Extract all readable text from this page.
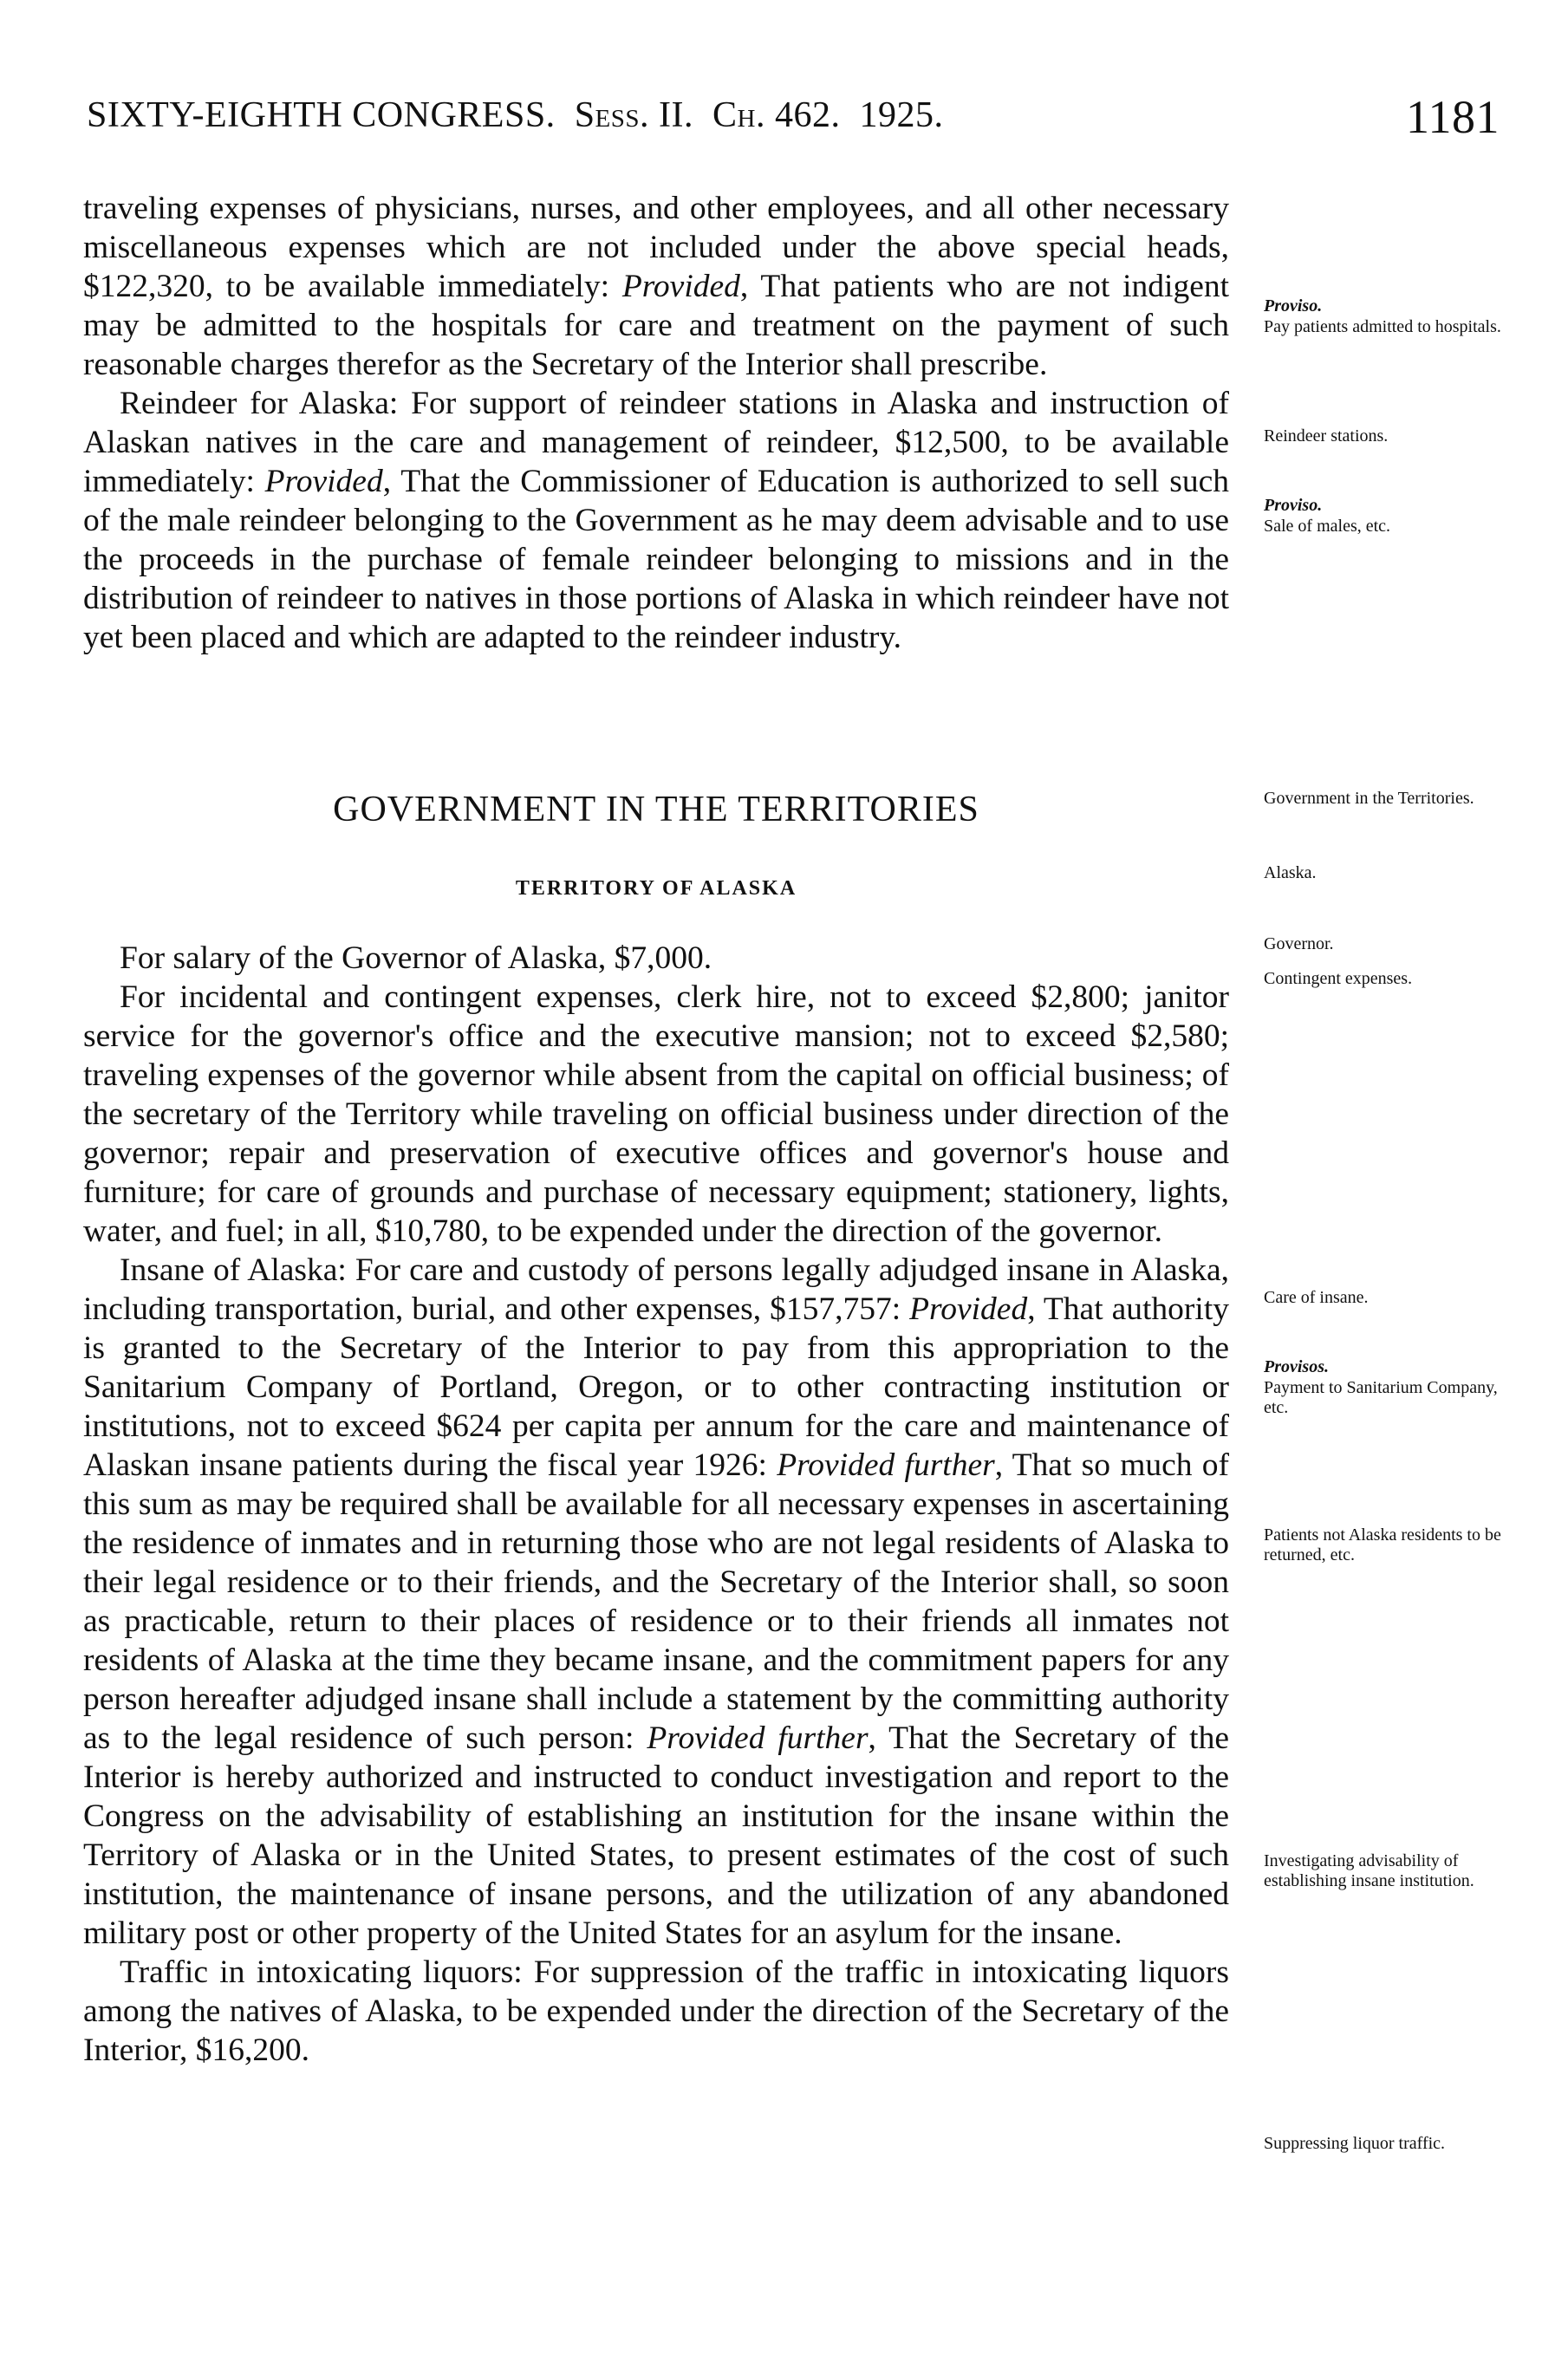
SIXTY-EIGHTH CONGRESS. Sess. II. Ch. 462. 1925.	1181

traveling expenses of physicians, nurses, and other employees, and all other necessary miscellaneous expenses which are not included under the above special heads, $122,320, to be available immediately: Provided, That patients who are not indigent may be admitted to the hospitals for care and treatment on the payment of such reasonable charges therefor as the Secretary of the Interior shall prescribe.

Reindeer for Alaska: For support of reindeer stations in Alaska and instruction of Alaskan natives in the care and management of reindeer, $12,500, to be available immediately: Provided, That the Commissioner of Education is authorized to sell such of the male reindeer belonging to the Government as he may deem advisable and to use the proceeds in the purchase of female reindeer belonging to missions and in the distribution of reindeer to natives in those portions of Alaska in which reindeer have not yet been placed and which are adapted to the reindeer industry.

GOVERNMENT IN THE TERRITORIES
TERRITORY OF ALASKA

For salary of the Governor of Alaska, $7,000.

For incidental and contingent expenses, clerk hire, not to exceed $2,800; janitor service for the governor's office and the executive mansion; not to exceed $2,580; traveling expenses of the governor while absent from the capital on official business; of the secretary of the Territory while traveling on official business under direction of the governor; repair and preservation of executive offices and governor's house and furniture; for care of grounds and purchase of necessary equipment; stationery, lights, water, and fuel; in all, $10,780, to be expended under the direction of the governor.

Insane of Alaska: For care and custody of persons legally adjudged insane in Alaska, including transportation, burial, and other expenses, $157,757: Provided, That authority is granted to the Secretary of the Interior to pay from this appropriation to the Sanitarium Company of Portland, Oregon, or to other contracting institution or institutions, not to exceed $624 per capita per annum for the care and maintenance of Alaskan insane patients during the fiscal year 1926: Provided further, That so much of this sum as may be required shall be available for all necessary expenses in ascertaining the residence of inmates and in returning those who are not legal residents of Alaska to their legal residence or to their friends, and the Secretary of the Interior shall, so soon as practicable, return to their places of residence or to their friends all inmates not residents of Alaska at the time they became insane, and the commitment papers for any person hereafter adjudged insane shall include a statement by the committing authority as to the legal residence of such person: Provided further, That the Secretary of the Interior is hereby authorized and instructed to conduct investigation and report to the Congress on the advisability of establishing an institution for the insane within the Territory of Alaska or in the United States, to present estimates of the cost of such institution, the maintenance of insane persons, and the utilization of any abandoned military post or other property of the United States for an asylum for the insane.

Traffic in intoxicating liquors: For suppression of the traffic in intoxicating liquors among the natives of Alaska, to be expended under the direction of the Secretary of the Interior, $16,200.

Proviso.
Pay patients admitted to hospitals.
Reindeer stations.
Proviso.
Sale of males, etc.
Government in the Territories.
Alaska.
Governor.
Contingent expenses.
Care of insane.
Provisos.
Payment to Sanitarium Company, etc.
Patients not Alaska residents to be returned, etc.
Investigating advisability of establishing insane institution.
Suppressing liquor traffic.
